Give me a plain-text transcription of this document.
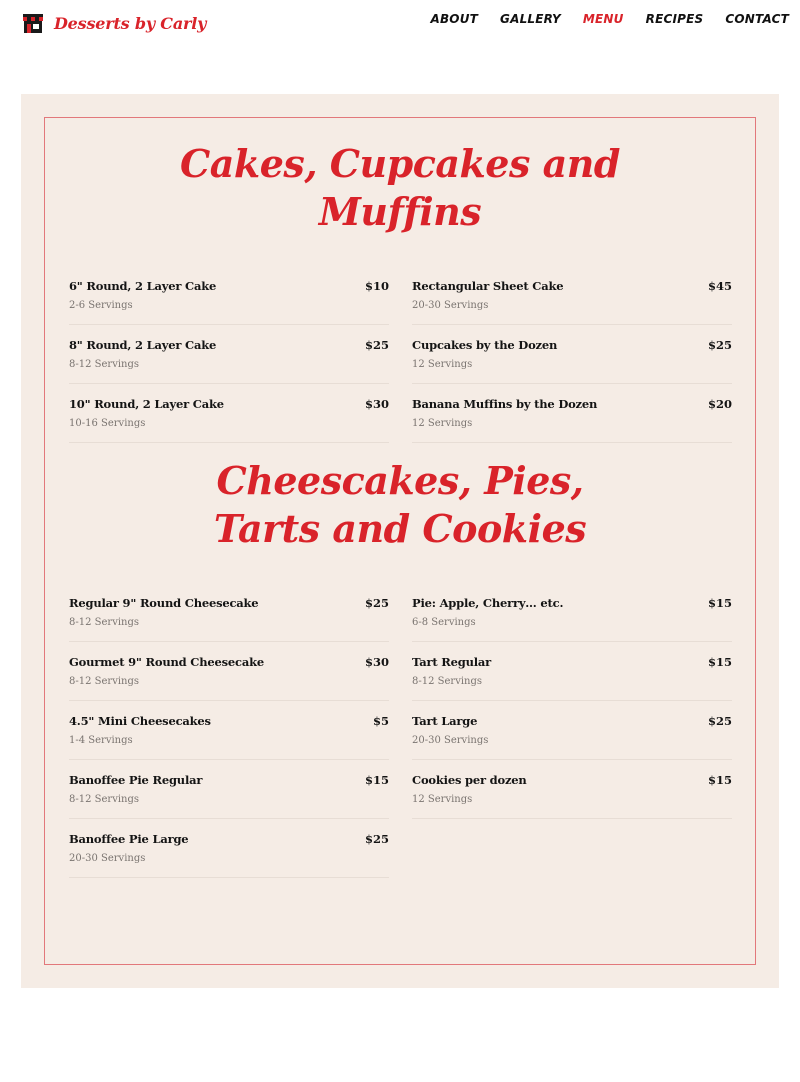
Desserts by Carly	ABOUT GALLERY MENU RECIPES CONTACT
Cakes, Cupcakes and
Muffins
6" Round, 2 Layer Cake	$10
2-6 Servings
Rectangular Sheet Cake	$45
20-30 Servings
8" Round, 2 Layer Cake	$25
8-12 Servings
Cupcakes by the Dozen	$25
12 Servings
10" Round, 2 Layer Cake	$30
10-16 Servings
Banana Muffins by the Dozen	$20
12 Servings
Cheescakes, Pies,
Tarts and Cookies
Regular 9" Round Cheesecake	$25
8-12 Servings
Pie: Apple, Cherry… etc.	$15
6-8 Servings
Gourmet 9" Round Cheesecake	$30
8-12 Servings
Tart Regular	$15
8-12 Servings
4.5" Mini Cheesecakes	$5
1-4 Servings
Tart Large	$25
20-30 Servings
Banoffee Pie Regular	$15
8-12 Servings
Cookies per dozen	$15
12 Servings
Banoffee Pie Large	$25
20-30 Servings
